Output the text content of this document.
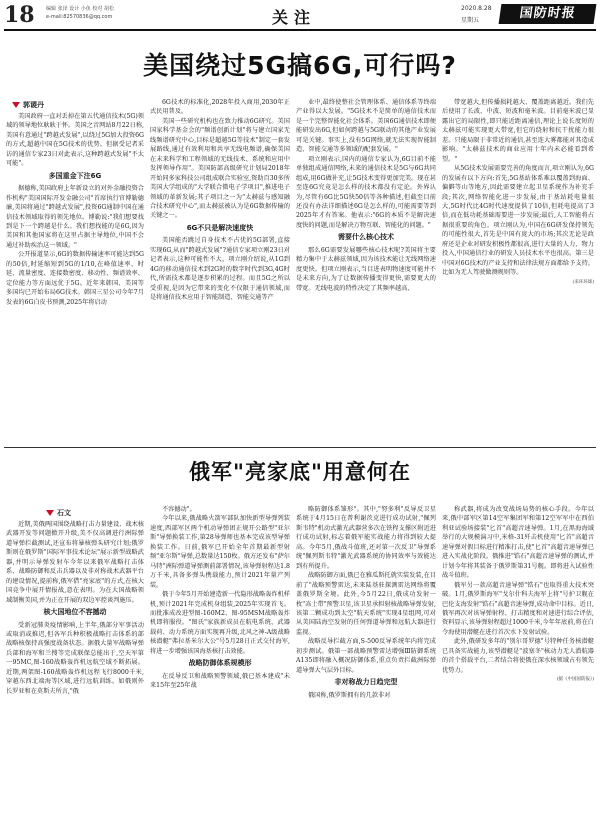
18 编辑 张泽 设计 小鱼 校对 胡松
e-mail:82570836@qq.com	关注	2020.8.28
星期五	国防时报
美国绕过5G搞6G,可行吗?
郭谡丹

美国政府一直对丢掉在第五代通信技术(5G)领域的领导地位耿耿于怀。美国之音网站8月22日称,美国有意通过"跨越式发展",以绕过5G加大投资6G的方式,超越中国在5G技术的优势。但据受记者采访的通信专家23日对此表示,这种跨越式发展"不太可能"。

多国重金下注6G

据德称,美国政府上年新设立的对外金融投资合作机构"美国国际开发金融公司"首席执行官博勒德廉,美国将通过"跨越式发展",投资6G通制中国在通信技术领域取得的领先地位。博勒说:"我们想要找到是下一个跨越是什么。我们想找能的是6G,因为美国和其他国家将在这里占据主导地位,中国不会通过补助疾治这一领域。"

公开报道显示,6G的数据传输速率可能达到5G的50倍,时延缩短到5G的1/10,在峰值速率、时延、流量密度、连接数密度、移动性、频谱效率、定位能力等方面远优于5G。近年来韩国、美国等多国均已开始布局6G技术。韩国三星公司今年7月发表的6G白皮书预测,2025年将启动

6G技术的标准化,2028年投入商用,2030年正式民用普及。

美国一些研究机构也在致力推动6G研究。美国国家科学基金会的"频谱创新计划"将与建立国家无线频谱研究中心,目标是超越5G等技术"制定一套发展路线,通过有效利用和共享无线电频谱,确保美国在未来科学和工程领域的无线技术、系统和应用中发挥领导作用"。美国防部高级研究计划局2018年开始同多家科技公司组成联合实验室,资助百30多所美国大学组成的"大学联合微电子学项目",推进电子领域的革新发展;其子项目之一为"太赫兹与感知融合技术研究中心",而太赫兹被认为是6G数据传输的关键之一。

6G不只是解决速度快

美国能否跳过自身技术不占优的5G部署,直接实现6G,从而"跨越式发展"?通信专家项立刚23日对记者表示,这种可能性不大。项立刚介绍说,从1G到4G的移动通信技术到2G时的数字时代到3G,4G时代,所需技术都是逐步积累的过程。而且5G之所以受重视,是因为它带来的变化不仅限于通信领域,而是将通信技术应用于智能制造、智能交通等产

业中,最终使整社会管理体系、通信体系等终端产业得以大发展。"5G技术不是简单的通信技术而是一个完整智能化社会体系。美国6G通信技术即便能研发出6G,但如何跨越与5G联动的其他产业发展可是关键。事实上,没有5G网络,就无法实现智能制造、智能交通等多领域的配套发展。"

项立刚表示,国内的通信专家认为,6G目前不能单独组成通信网络,未来的通信技术是5G与6G共同组成,用6G做补充,让5G技术变得更加完美。现在甚至连6G究竟是怎么样的技术都没有定论。外界认为,尽管有6G比5G快50倍等各种描述,但截至目前还没有办法详细描述6G是怎么样的,可能需要等到2025年才有答案。他表示:"6G的本质不是解决速度快的问题,而是解决万物互联、智能化的问题。"

需要什么核心技术

那么6G需要发展哪些核心技术呢?美国将主要精力集中于太赫兹领域,因为该技术能让无线网络速度更快。但项立刚表示,当目进表明物速度可能并不是未来方向,为了让数据传播变得更快,需要更大的带宽。无线电波的特性决定了其频率越高、

带宽越大,但传播损耗越大、覆盖距离越近。我们先后使用了长波、中波、短波和毫米波。目前毫米波已显露出它的局限性,即只能近距离通信,理论上说长度短的太赫兹可能实现更大带宽,但它的绕射和抗干扰能力很差。只能局限于非常近的通信,甚至连大雾都能对其造成影响。"太赫兹技术的商业应用十年内未必能看到希望。"

从5G技术发展需要完善的角度而言,项立刚认为,6G的发展有以下方向:首先,5G基站体系难以覆盖到海面、偏僻等山等地方,因此需要建立起卫星系统作为补充手段;其次,网络智能化进一步发展,由于基站耗电量很大,5G时代比4G时代速度提供了10倍,但耗电提高了3倍,而在低功耗基础需要进一步发展;最后,人工智能将占据很重要的角色。项立刚认为,中国在6G研发保持领先的可能性很大,首先是中国有庞大的市场;其次无论是政府还是企业对研发积极性都很高,进行大量的人力、物力投入,中国通信行业的研发人员技术水平也很高。第三是中国对6G技术的产业支持和法律法规方面都给予支持。比如为无人驾驶做测规则等。

(来环环球)
俄军"亮家底"用意何在
石文

近期,美俄两国围绕战略打击力量建设、战术核武器开发等问题掀开升级,美不仅高调进行洲际弹道导弹拦截测试,还宣布将暴核弹头研究计划;俄罗斯则在俄罗斯"国际军事技术论坛"展示新型战略武器,并明示导弹发射车今年以来俄军战略打击体系、战略防御和反击兵器以及非对称战术武器平台的建设情况,提前称,俄军借"亮家底"的方式,在核大国竞争中展开情报战,意在表明。为在大国战略领域制衡美国,并为正在开展的双边军控谈判施压。

核大国地位不容撼动

受新冠肺炎疫情影响,上半年,俄部分军事活动或取消或推迟,但各军兵种积极战略打击体系的部战略核保持高强度战备状态。据俄大量军战略导弹兵部和海军和兰搜等完成联保总能出于,空天军第一95MC,图-160战略轰炸机远航空域不断拓展。近期,两架图-160战略轰炸机远程飞行8000千米,穿越东西北端海等区域,进行远航训练。如俄则外长罗亚和在莫斯夫所言,"俄

不容撼动"。

今年以来,俄战略火箭军部队加快新型导弹列装速度,西部军区两个机动导弹团正规开公路型"亚尔斯"导弹换装工作,第28导弹师也基本完成该型导弹换装工作。日前,俄军已开始全年首期最新型射频"亚尔斯"导弹,总数量达150枚。俄方还发布"萨尔马特"洲际弹道导弹测前部署情况,该导弹射程达1.8万千米,具备多弹头携载能力,预计2021年量产列装。

俄于今年5月开始建造新一代隐形战略轰炸机样机,预计2021年完成机身组装,2025年实现首飞。而批准成改进型图-160M2、图-95MSM战略轰炸机即将服役。"图氏"家族新成员在航电系统、武器载荷、动力系统方面实现再升级,北风之神-A级战略核潜艇"弗拉基米尔大公"号5月28日正式交付海军,将进一步增强该国海基核打击效能。

战略防御体系规模形

在反导反卫和战略预警领域,俄已基本建成"未来15年至25年战

略防御体系雏形"。其中,"努多利"反导反卫星系统于4月15日在普利谢茨克进行成功试射,"佩列斯韦特"机动式激光武器营多次在铁程支撑区附近进行成功试射,标志着俄军能实战能力将得到较大提高。今年5月,俄战斗值班,还对第一次反卫"导弹系统"佩列斯韦特"激光武器系统的协同效率与效能达到有所提升。

战略防御方面,俄已在雅瓜斯托就实装发装,在目前了"战略预警雷达,未来陆基驻探测雷达网络将覆盖俄罗斯全境。此外,今5月22日,俄成功发射一枚"冻土带"预警卫星,该卫星承担射核战略导弹发射,该第二颗成功到太空"航天系统"实现4星组网,可对从美国陆海空发射的任何弹道导弹和远航大器进行监视。

战略反导拦截方面,S-500反导系统年内将完成初步测试。俄第一部战略预警雷达增强Ⅲ防御系统A135即将融入概况防御体系,重点负责拦截洲际弹道导弹大气层外目标。

非对称战力日趋完型

俄国称,俄罗斯拥有的几款非对

称武器,将成为改变战场局势的核心手段。今年以来,俄中部军区第14空军集团军和第12空军军中在西伯利亚试验场接装"匕首"高超音速导弹。1月,在黑海海域举行的大规模演习中,米格-31歼击机使用"匕首"高超音速导弹对假目标进行精准打击,使"匕首"高超音速导弹已进入实战化阶段。俄推进"锆石"高超音速导弹的测试,并计划今年将其装备于俄罗斯第31号舰。即将进入试验性战斗值班。

俄军另一款高超音速导弹"锆石"也取得重大技术突破。1月,俄罗斯海军"戈尔什科夫海军上将"号护卫舰在巴伦支海发射"锆石"高超音速导弹,成功命中目标。近日,俄军再次对该导弹射程、打击精度和对速进行综合评估,资料显示,该导弹射程超过1000千米,今年年底前,将在白令海使用潜艇在进行首次水下发射试验。

此外,俄研发多年的"别尔哥罗德"号特种任务核潜艇已具备实战能力,该型潜艇是"波塞冬"核动力无人潜航器的首个搭载平台,二者结合将使俄在深水核领域占有领先优势力。

(据《中国国防报》)
